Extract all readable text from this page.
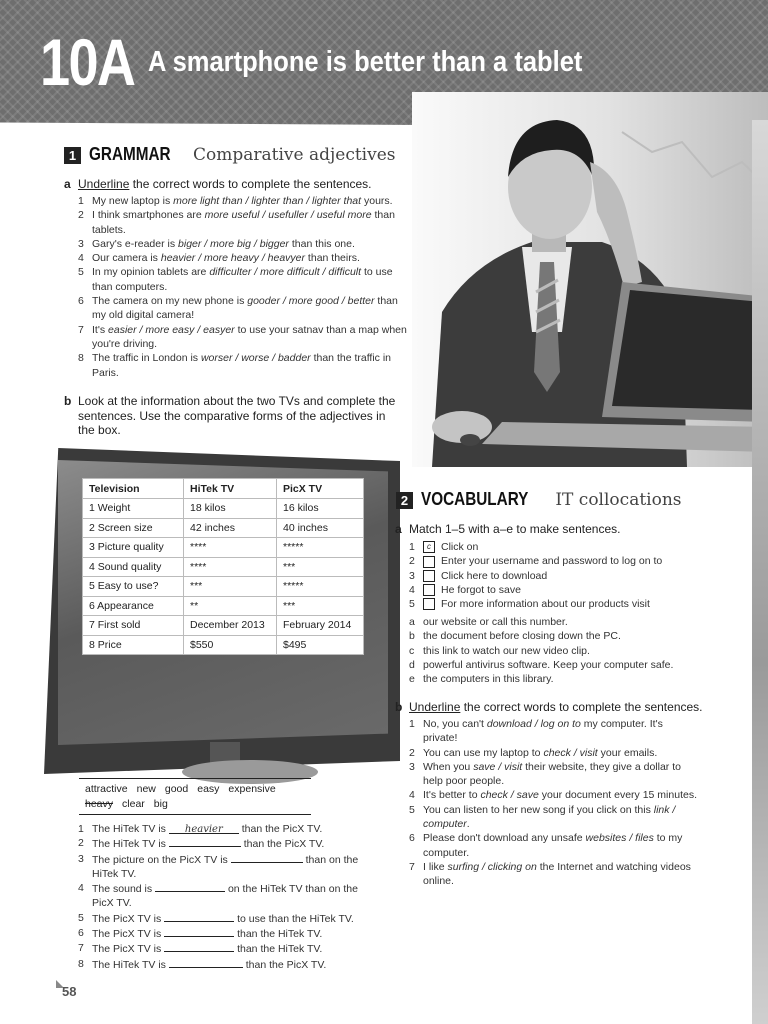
10A A smartphone is better than a tablet
1 GRAMMAR Comparative adjectives
a Underline the correct words to complete the sentences.
1 My new laptop is more light than / lighter than / lighter that yours.
2 I think smartphones are more useful / usefuller / useful more than tablets.
3 Gary's e-reader is biger / more big / bigger than this one.
4 Our camera is heavier / more heavy / heavyer than theirs.
5 In my opinion tablets are difficulter / more difficult / difficult to use than computers.
6 The camera on my new phone is gooder / more good / better than my old digital camera!
7 It's easier / more easy / easyer to use your satnav than a map when you're driving.
8 The traffic in London is worser / worse / badder than the traffic in Paris.
b Look at the information about the two TVs and complete the sentences. Use the comparative forms of the adjectives in the box.
Television	HiTek TV	PicX TV
1 Weight	18 kilos	16 kilos
2 Screen size	42 inches	40 inches
3 Picture quality	****	*****
4 Sound quality	****	***
5 Easy to use?	***	*****
6 Appearance	**	***
7 First sold	December 2013	February 2014
8 Price	$550	$495
attractive new good easy expensive
heavy clear big
1 The HiTek TV is heavier than the PicX TV.
2 The HiTek TV is	than the PicX TV.
3 The picture on the PicX TV is	than on the HiTek TV.
4 The sound is	on the HiTek TV than on the PicX TV.
5 The PicX TV is	to use than the HiTek TV.
6 The PicX TV is	than the HiTek TV.
7 The PicX TV is	than the HiTek TV.
8 The HiTek TV is	than the PicX TV.
2 VOCABULARY IT collocations
a Match 1–5 with a–e to make sentences.
1 c Click on
2 Enter your username and password to log on to
3 Click here to download
4 He forgot to save
5 For more information about our products visit
a our website or call this number.
b the document before closing down the PC.
c this link to watch our new video clip.
d powerful antivirus software. Keep your computer safe.
e the computers in this library.
b Underline the correct words to complete the sentences.
1 No, you can't download / log on to my computer. It's private!
2 You can use my laptop to check / visit your emails.
3 When you save / visit their website, they give a dollar to help poor people.
4 It's better to check / save your document every 15 minutes.
5 You can listen to her new song if you click on this link / computer.
6 Please don't download any unsafe websites / files to my computer.
7 I like surfing / clicking on the Internet and watching videos online.
58
